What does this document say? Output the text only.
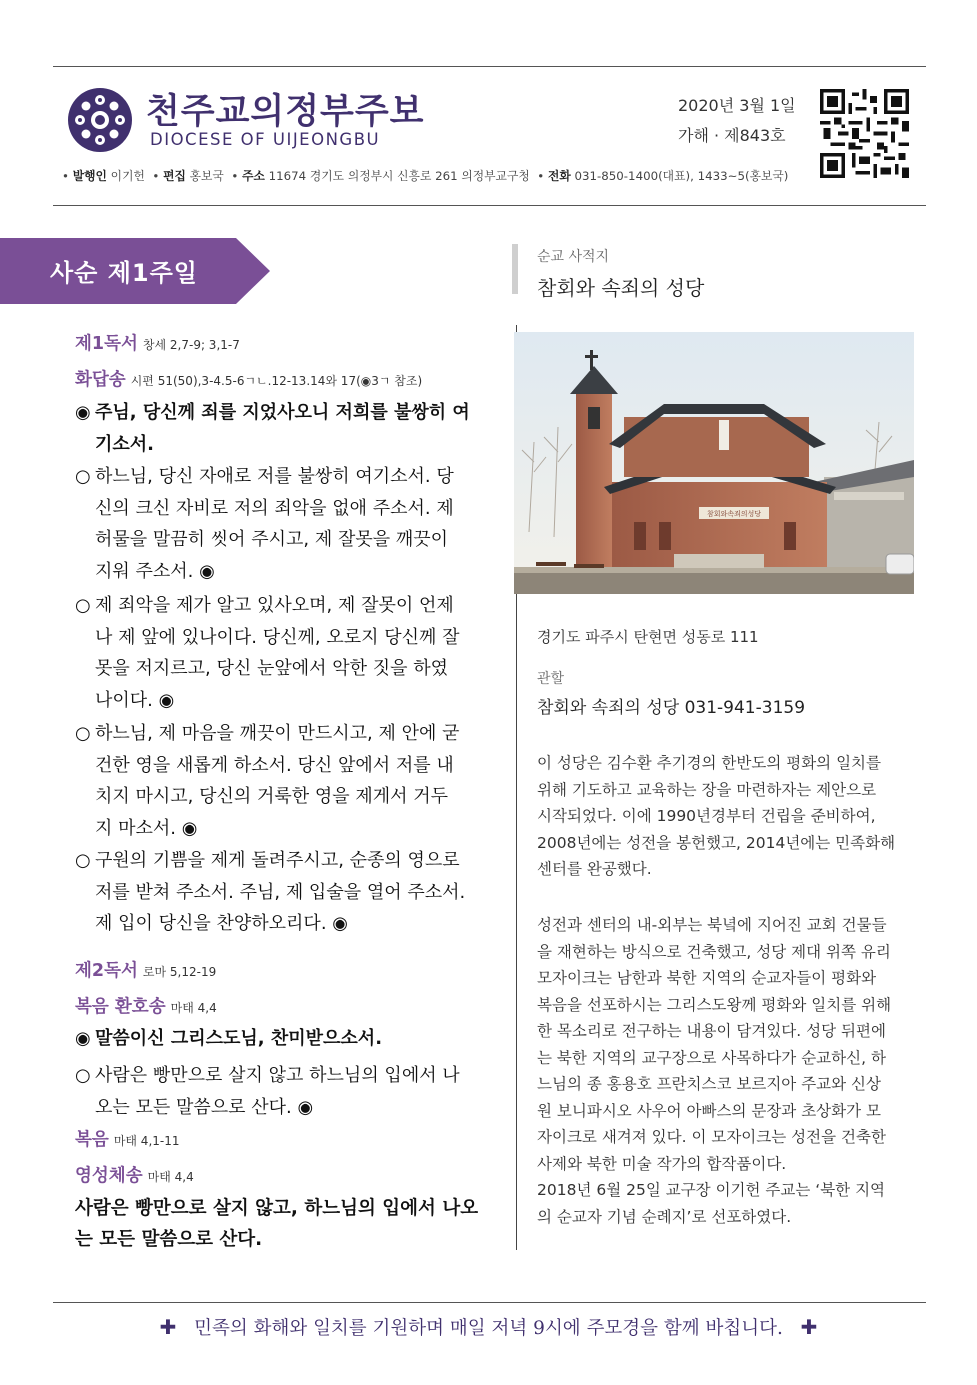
천주교의정부주보
DIOCESE OF UIJEONGBU
2020년 3월 1일
가해 · 제843호
• 발행인 이기헌  • 편집 홍보국  • 주소 11674 경기도 의정부시 신흥로 261 의정부교구청  • 전화 031-850-1400(대표), 1433~5(홍보국)
사순 제1주일
제1독서 창세 2,7-9; 3,1-7
화답송 시편 51(50),3-4.5-6ㄱㄴ.12-13.14와 17(◉3ㄱ 참조)
◉ 주님, 당신께 죄를 지었사오니 저희를 불쌍히 여
기소서.
○ 하느님, 당신 자애로 저를 불쌍히 여기소서. 당
신의 크신 자비로 저의 죄악을 없애 주소서. 제
허물을 말끔히 씻어 주시고, 제 잘못을 깨끗이
지워 주소서. ◉
○ 제 죄악을 제가 알고 있사오며, 제 잘못이 언제
나 제 앞에 있나이다. 당신께, 오로지 당신께 잘
못을 저지르고, 당신 눈앞에서 악한 짓을 하였
나이다. ◉
○ 하느님, 제 마음을 깨끗이 만드시고, 제 안에 굳
건한 영을 새롭게 하소서. 당신 앞에서 저를 내
치지 마시고, 당신의 거룩한 영을 제게서 거두
지 마소서. ◉
○ 구원의 기쁨을 제게 돌려주시고, 순종의 영으로
저를 받쳐 주소서. 주님, 제 입술을 열어 주소서.
제 입이 당신을 찬양하오리다. ◉
제2독서 로마 5,12-19
복음 환호송 마태 4,4
◉ 말씀이신 그리스도님, 찬미받으소서.
○ 사람은 빵만으로 살지 않고 하느님의 입에서 나
오는 모든 말씀으로 산다. ◉
복음 마태 4,1-11
영성체송 마태 4,4
사람은 빵만으로 살지 않고, 하느님의 입에서 나오
는 모든 말씀으로 산다.
순교 사적지
참회와 속죄의 성당
참회와속죄의성당
경기도 파주시 탄현면 성동로 111
관할
참회와 속죄의 성당 031-941-3159
이 성당은 김수환 추기경의 한반도의 평화의 일치를
위해 기도하고 교육하는 장을 마련하자는 제안으로
시작되었다. 이에 1990년경부터 건립을 준비하여,
2008년에는 성전을 봉헌했고, 2014년에는 민족화해
센터를 완공했다.
성전과 센터의 내-외부는 북녘에 지어진 교회 건물들
을 재현하는 방식으로 건축했고, 성당 제대 위쪽 유리
모자이크는 남한과 북한 지역의 순교자들이 평화와
복음을 선포하시는 그리스도왕께 평화와 일치를 위해
한 목소리로 전구하는 내용이 담겨있다. 성당 뒤편에
는 북한 지역의 교구장으로 사목하다가 순교하신, 하
느님의 종 홍용호 프란치스코 보르지아 주교와 신상
원 보니파시오 사우어 아빠스의 문장과 초상화가 모
자이크로 새겨져 있다. 이 모자이크는 성전을 건축한
사제와 북한 미술 작가의 합작품이다.
2018년 6월 25일 교구장 이기헌 주교는 ‘북한 지역
의 순교자 기념 순례지’로 선포하였다.
✚ 민족의 화해와 일치를 기원하며 매일 저녁 9시에 주모경을 함께 바칩니다. ✚
